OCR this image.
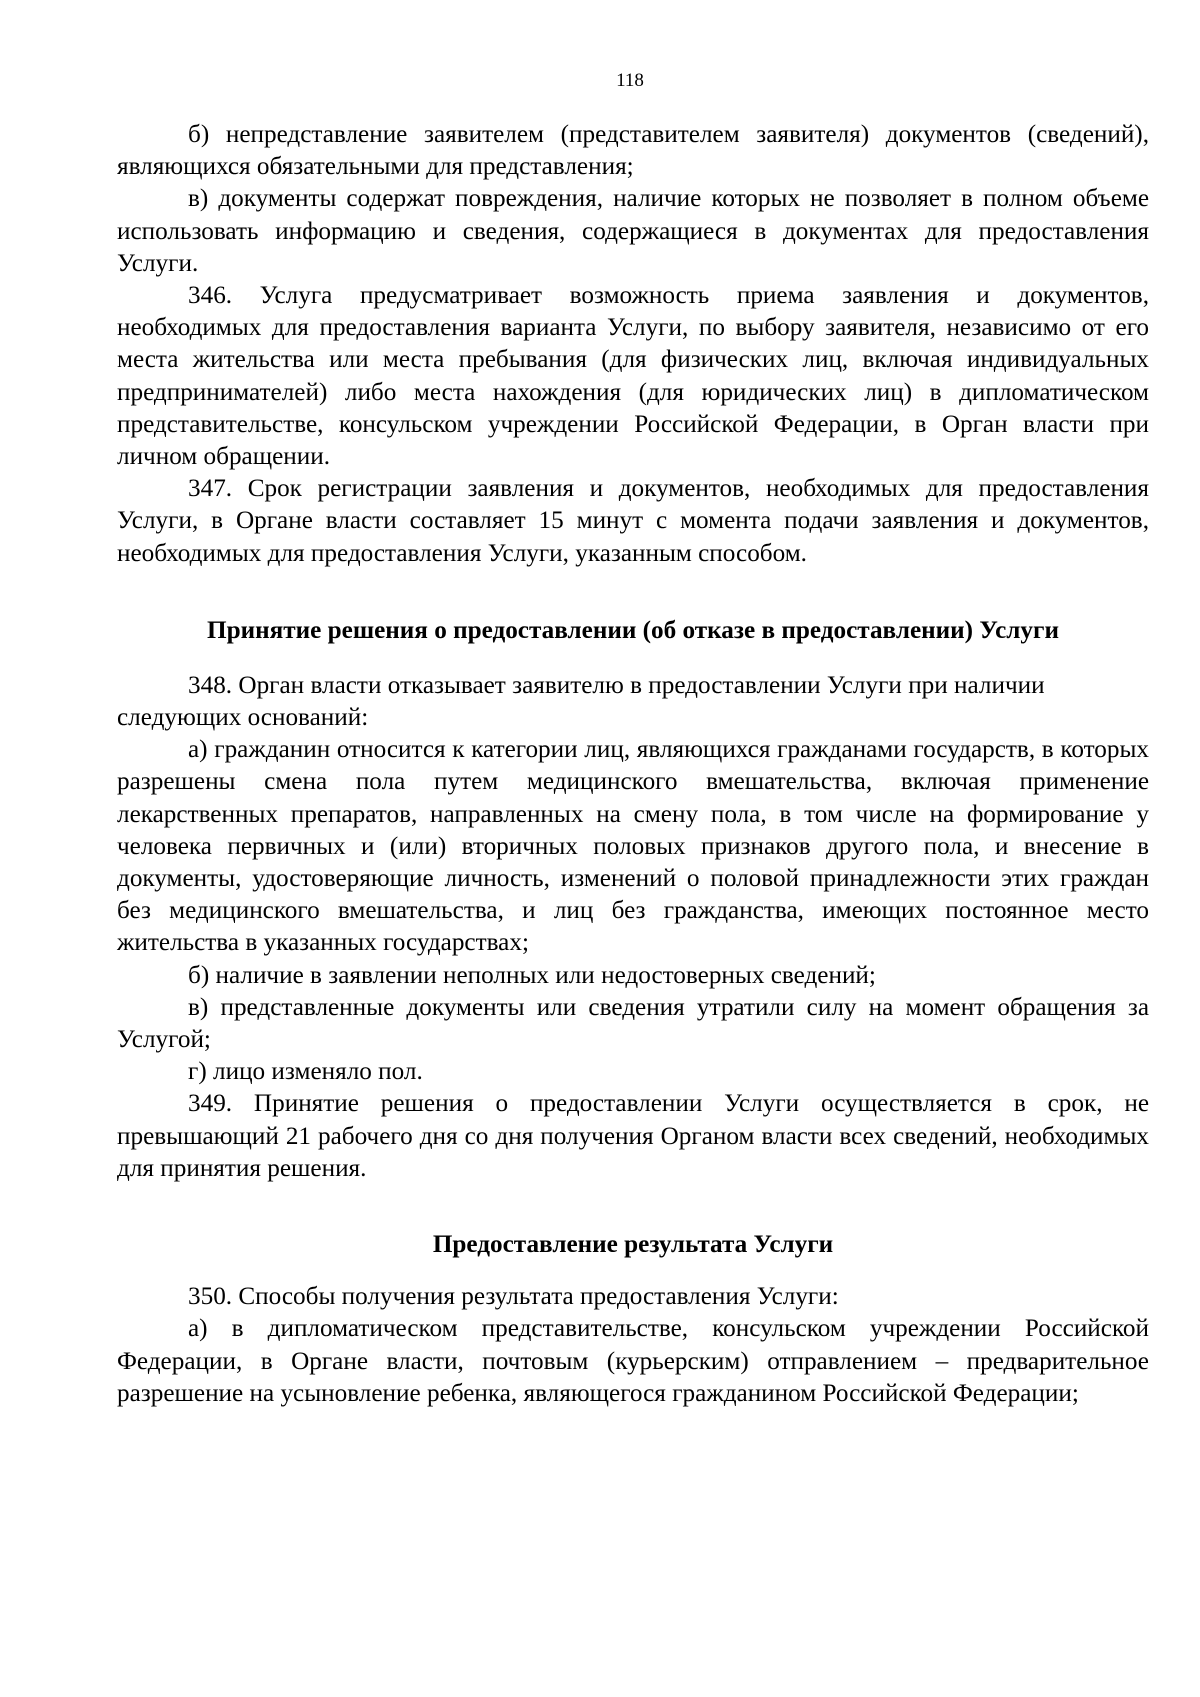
118

б) непредставление заявителем (представителем заявителя) документов (сведений), являющихся обязательными для представления;

в) документы содержат повреждения, наличие которых не позволяет в полном объеме использовать информацию и сведения, содержащиеся в документах для предоставления Услуги.

346. Услуга предусматривает возможность приема заявления и документов, необходимых для предоставления варианта Услуги, по выбору заявителя, независимо от его места жительства или места пребывания (для физических лиц, включая индивидуальных предпринимателей) либо места нахождения (для юридических лиц) в дипломатическом представительстве, консульском учреждении Российской Федерации, в Орган власти при личном обращении.

347. Срок регистрации заявления и документов, необходимых для предоставления Услуги, в Органе власти составляет 15 минут с момента подачи заявления и документов, необходимых для предоставления Услуги, указанным способом.

Принятие решения о предоставлении (об отказе в предоставлении) Услуги

348. Орган власти отказывает заявителю в предоставлении Услуги при наличии следующих оснований:

а) гражданин относится к категории лиц, являющихся гражданами государств, в которых разрешены смена пола путем медицинского вмешательства, включая применение лекарственных препаратов, направленных на смену пола, в том числе на формирование у человека первичных и (или) вторичных половых признаков другого пола, и внесение в документы, удостоверяющие личность, изменений о половой принадлежности этих граждан без медицинского вмешательства, и лиц без гражданства, имеющих постоянное место жительства в указанных государствах;

б) наличие в заявлении неполных или недостоверных сведений;

в) представленные документы или сведения утратили силу на момент обращения за Услугой;

г) лицо изменяло пол.

349. Принятие решения о предоставлении Услуги осуществляется в срок, не превышающий 21 рабочего дня со дня получения Органом власти всех сведений, необходимых для принятия решения.

Предоставление результата Услуги

350. Способы получения результата предоставления Услуги:

а) в дипломатическом представительстве, консульском учреждении Российской Федерации, в Органе власти, почтовым (курьерским) отправлением – предварительное разрешение на усыновление ребенка, являющегося гражданином Российской Федерации;
